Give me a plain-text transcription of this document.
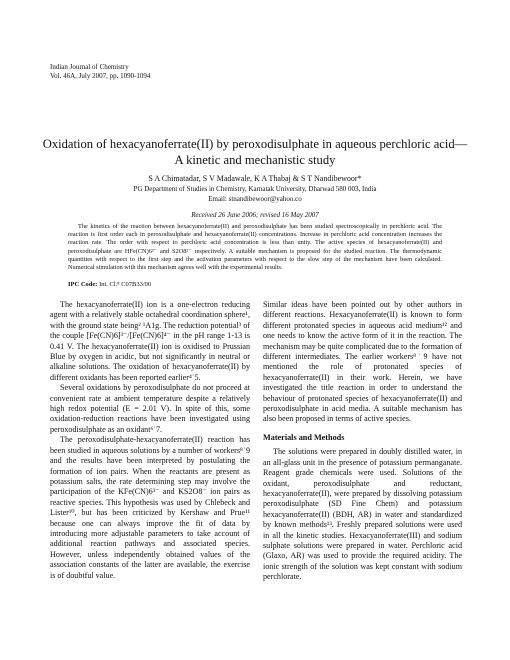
Indian Journal of Chemistry
Vol. 46A, July 2007, pp. 1090-1094
Oxidation of hexacyanoferrate(II) by peroxodisulphate in aqueous perchloric acid—A kinetic and mechanistic study
S A Chimatadar, S V Madawale, K A Thabaj & S T Nandibewoor*
PG Department of Studies in Chemistry, Karnatak University, Dharwad 580 003, India
Email: stnandibewoor@yahoo.co
Received 26 June 2006; revised 16 May 2007

The kinetics of the reaction between hexacyanoferrate(II) and peroxodisulphate has been studied spectroscopically in perchloric acid. The reaction is first order each in peroxodisulphate and hexacyanoferrate(II) concentrations. Increase in perchloric acid concentration increases the reaction rate. The order with respect to perchloric acid concentration is less than unity. The active species of hexacyanoferrate(II) and peroxodisulphate are HFe(CN)6³⁻ and S2O8²⁻ respectively. A suitable mechanism is proposed for the studied reaction. The thermodynamic quantities with respect to the first step and the activation parameters with respect to the slow step of the mechanism have been calculated. Numerical simulation with this mechanism agrees well with the experimental results.

IPC Code: Int. Cl.⁸ C07B33/00

The hexacyanoferrate(II) ion is a one-electron reducing agent with a relatively stable octahedral coordination sphere¹, with the ground state being² ¹A1g. The reduction potential³ of the couple [Fe(CN)6]³⁻/[Fe(CN)6]⁴⁻ in the pH range 1-13 is 0.41 V. The hexacyanoferrate(II) ion is oxidised to Prussian Blue by oxygen in acidic, but not significantly in neutral or alkaline solutions. The oxidation of hexacyanoferrate(II) by different oxidants has been reported earlier⁴˙5.

Several oxidations by peroxodisulphate do not proceed at convenient rate at ambient temperature despite a relatively high redox potential (E = 2.01 V). In spite of this, some oxidation-reduction reactions have been investigated using peroxodisulphate as an oxidant⁶˙7.

The peroxodisulphate-hexacyanoferrate(II) reaction has been studied in aqueous solutions by a number of workers⁸˙9 and the results have been interpreted by postulating the formation of ion pairs. When the reactants are present as potassium salts, the rate determining step may involve the participation of the KFe(CN)6³⁻ and KS2O8⁻ ion pairs as reactive species. This hypothesis was used by Chlebeck and Lister¹⁰, but has been criticized by Kershaw and Prue¹¹ because one can always improve the fit of data by introducing more adjustable parameters to take account of additional reaction pathways and associated species. However, unless independently obtained values of the association constants of the latter are available, the exercise is of doubtful value.

Similar ideas have been pointed out by other authors in different reactions. Hexacyanoferrate(II) is known to form different protonated species in aqueous acid medium¹² and one needs to know the active form of it in the reaction. The mechanism may be quite complicated due to the formation of different intermediates. The earlier workers⁸˙9 have not mentioned the role of protonated species of hexacyanoferrate(II) in their work. Herein, we have investigated the title reaction in order to understand the behaviour of protonated species of hexacyanoferrate(II) and peroxodisulphate in acid media. A suitable mechanism has also been proposed in terms of active species.

Materials and Methods

The solutions were prepared in doubly distilled water, in an all-glass unit in the presence of potassium permanganate. Reagent grade chemicals were used. Solutions of the oxidant, peroxodisulphate and reductant, hexacyanoferrate(II), were prepared by dissolving potassium peroxodisulphate (SD Fine Chem) and potassium hexacyanoferrate(II) (BDH, AR) in water and standardized by known methods¹³. Freshly prepared solutions were used in all the kinetic studies. Hexacyanoferrate(III) and sodium sulphate solutions were prepared in water. Perchloric acid (Glaxo, AR) was used to provide the required acidity. The ionic strength of the solution was kept constant with sodium perchlorate.
